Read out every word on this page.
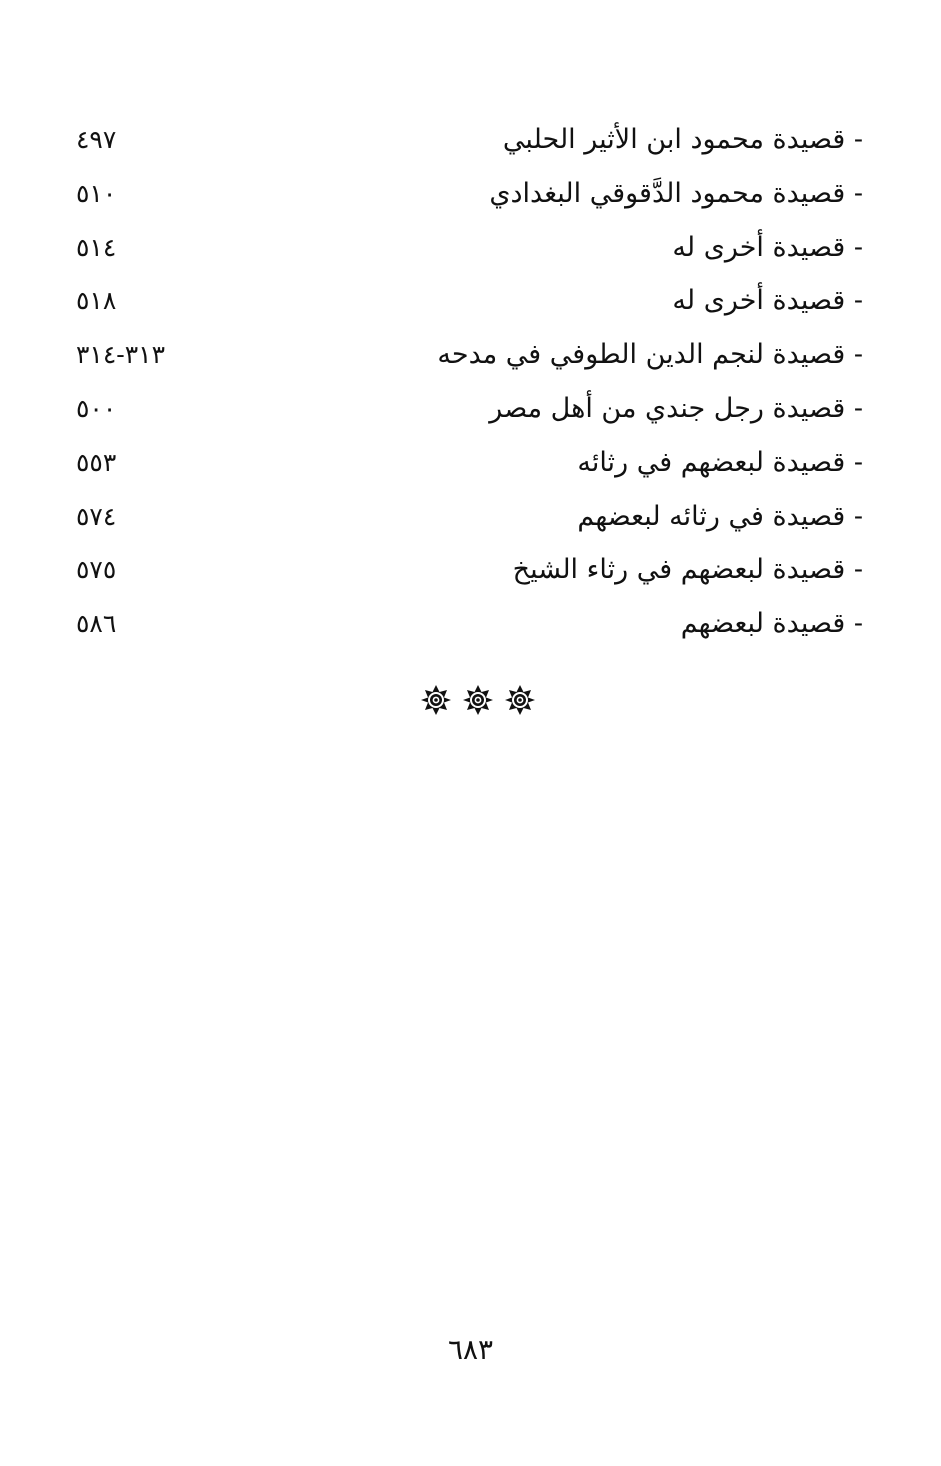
- قصيدة محمود ابن الأثير الحلبي
٤٩٧
- قصيدة محمود الدَّقوقي البغدادي
٥١٠
- قصيدة أخرى له
٥١٤
- قصيدة أخرى له
٥١٨
- قصيدة لنجم الدين الطوفي في مدحه
٣١٣-٣١٤
- قصيدة رجل جندي من أهل مصر
٥٠٠
- قصيدة لبعضهم في رثائه
٥٥٣
- قصيدة في رثائه لبعضهم
٥٧٤
- قصيدة لبعضهم في رثاء الشيخ
٥٧٥
- قصيدة لبعضهم
٥٨٦
٦٨٣
